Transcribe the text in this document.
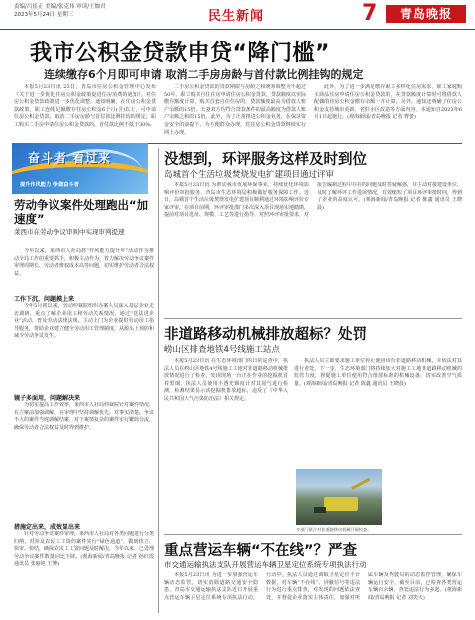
责编/吕崔正 美编/张克伟 审读/王恤君
2023年5月24日 星期三	民生新闻	7	青岛晚报
我市公积金贷款申贷“降门槛”
连续缴存6个月即可申请 取消二手房房龄与首付款比例挂钩的规定

本报5月23日讯 23日，青岛市住房公积金管理中心发布《关于进一步优化住房公积金政策促进住房消费的通知》，对住房公积金贷款政策进一步优化调整。通知明确，在住房公积金贷款政策，职工连续足额缴存住房公积金6个月(含)以上，可申请住房公积金贷款，取消二手房房龄与首付款比例挂钩的规定，职工购买二手房申请住房公积金贷款的，首付款比例不低于30%。

二手房公积金贷款的贷款期限与房龄之和统筹调整为不超过50年。职工购买自住住房申请住房公积金贷款，贷款额度以实际缴存额度计算，购买首套自住住房的，贷款额度最高为借款人账户余额的15倍，夫妻双方均符合贷款条件的最高额度为借款人账户余额之和的15倍。此外，为了正常推进公积金业务，在保证资金安全的前提下，为方便群众办理，对住房公积金贷款继续实行网上办理。

此外，为了进一步满足缴存职工多样化住房需求，职工家庭购买商品住房申请住房公积金贷款的，在贷款额度计算时可将借款人配偶的住房公积金缴存余额一并计算。另外，通知还明确了住房公积金支持城市更新、老旧小区改造等方面内容。本通知自2023年6月1日起施行。(观海新闻/青岛晚报 记者 曹蕾)

奋斗者 看过来
提升作风能力 争做奋斗者
劳动争议案件处理跑出“加速度”
莱西市在劳动争议审判中实现审判提速

今年以来，莱西市人社局将“作风能力提升年”活动作为推动全局工作的重要抓手，积极主动作为，着力解决劳动争议案件审理周期长、劳动者维权成本高等问题，切实维护劳动者合法权益。

工作下沉，问题摸上来

今年5月初以来，劳动仲裁院组织办案人员深入基层企业走访调研，重点了解企业用工和劳动关系情况，通过“送法进企业”活动，普及劳动法律法规，主动上门为企业提供劳动用工指导服务，帮助企业建立健全劳动用工管理制度，从源头上预防和减少劳动争议发生。

镜子多面用，问题解决来

为切实提高工作效率，莱西市人社局仲裁院针对案件情况，在立案前加强调解，在审理中坚持调解优先，对事实清楚、争议不大的案件当庭调解结案，对于案情复杂的案件实行繁简分流，确保劳动者合法权益及时得到维护。

措施定出来，成效显出来

针对劳动争议案件审理，莱西市人社局对各类问题进行分类归纳，对涉及农民工工资的案件实行“绿色通道”，做到快立、快审、快结，确保农民工工资问题及时解决。今年以来，已处理劳动争议案件数量同比下降。(观海新闻/青岛晚报 记者 孙红霞 通讯员 张丽艳 王博)

没想到，环评服务这样及时到位
岛城首个生活垃圾焚烧发电扩建项目通过评审

本报5月23日讯 为推动我市发展环保事业，持续优化环境影响评价审批服务，青岛市生态环境局积极做好服务保障工作。近日，岛城首个生活垃圾焚烧发电扩建项目顺利通过环境影响评价专家评审。在项目前期，环评审批部门多次深入项目现场实地踏勘，提前对项目选址、规模、工艺等进行指导，对照环评审批要求，对报告编制过程中存在的问题及时答疑解惑，并主动对接建设单位，及时了解环评工作进展情况，有效缩短了项目环评审批时间，得到了企业的高度认可。(观海新闻/青岛晚报 记者 陈鑫 通讯员 王晓晨)

非道路移动机械排放超标？处罚
崂山区排查地铁4号线施工站点

本报5月23日讯 在生态环境部门的日常巡查中，执法人员在崂山区地铁4号线施工工地对非道路移动机械排放情况进行了检查，发现现场一台正在作业的挖掘机冒着黑烟。执法人员使用不透光烟度计对其尾气进行检测，检测结果显示该挖掘机排放超标，违反了《中华人民共和国大气污染防治法》相关规定。

执法人员立即要求施工单位停止使用该台非道路移动机械，并依法对其进行查处。下一步，生态环境部门将持续加大对施工工地非道路移动机械的监管力度，督促施工单位使用符合排放标准的机械设备，切实改善空气质量。(观海新闻/青岛晚报 记者 陈鑫 通讯员 王晓晨)

多部门联合对非道路移动机械开展检查。
重点营运车辆“不在线”？严查
市交通运输执法支队开展营运车辆卫星定位系统专项执法行动

本报5月23日讯 为进一步加强营运车辆动态监管，切实消除道路交通安全隐患，青岛市交通运输执法支队近日开展重点营运车辆卫星定位系统专项执法行动。行动中，执法人员通过调取卫星定位平台数据，对车辆“不在线”、屏蔽信号等违法行为进行重点排查，对发现的问题依法查处，并督促企业落实主体责任，加强对所属车辆及驾驶员的动态监控管理，确保车辆运行安全。截至目前，已检查各类营运车辆百余辆，查处违法行为多起。(观海新闻/青岛晚报 记者 刘笑天)
